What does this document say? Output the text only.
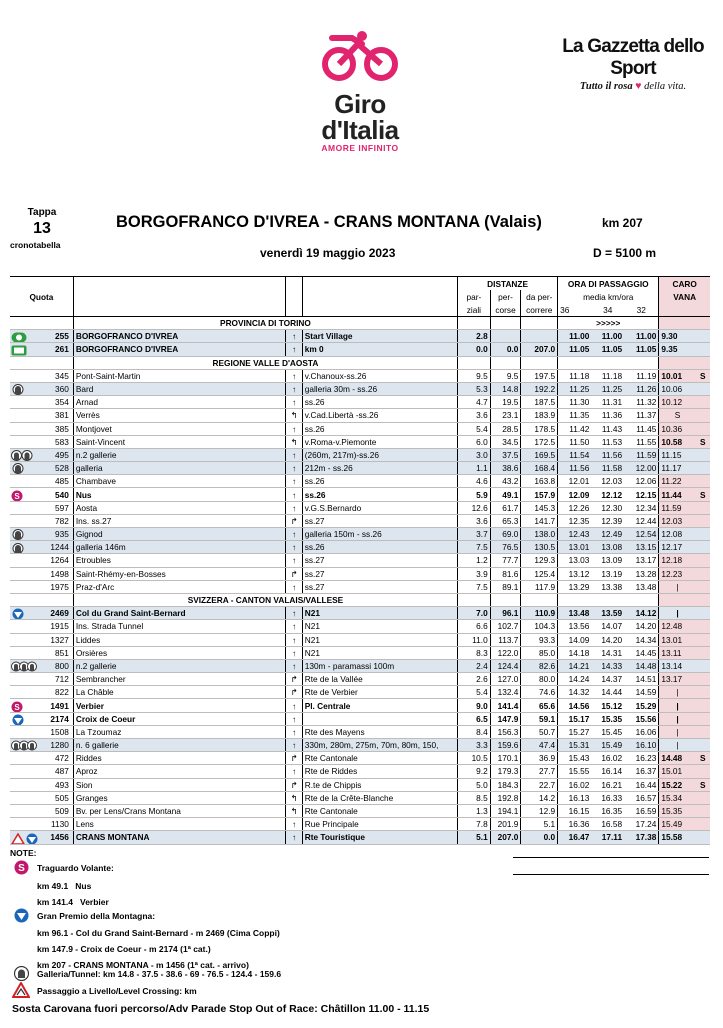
Giro d'Italia
AMORE INFINITO
La Gazzetta dello Sport
Tutto il rosa ♥ della vita.
Tappa
13
cronotabella
BORGOFRANCO D'IVREA - CRANS MONTANA (Valais)	km 207
venerdì 19 maggio 2023	D = 5100 m
				DISTANZE			ORA DI PASSAGGIO			CARO	
Quota				par-	per-	da per-	media km/ora			VANA	
				ziali	corse	correre	36	34	32		
	PROVINCIA DI TORINO						>>>>>				

255	BORGOFRANCO D'IVREA	↑	Start Village	2.8			11.00	11.00	11.00	9.30	

261	BORGOFRANCO D'IVREA	↑	km 0	0.0	0.0	207.0	11.05	11.05	11.05	9.35	
	REGIONE VALLE D'AOSTA										

345	Pont-Saint-Martin	↑	v.Chanoux-ss.26	9.5	9.5	197.5	11.18	11.18	11.19	10.01	S

360	Bard	↑	galleria 30m - ss.26	5.3	14.8	192.2	11.25	11.25	11.26	10.06	

354	Arnad	↑	ss.26	4.7	19.5	187.5	11.30	11.31	11.32	10.12	

381	Verrès	↰	v.Cad.Libertà -ss.26	3.6	23.1	183.9	11.35	11.36	11.37	S	

385	Montjovet	↑	ss.26	5.4	28.5	178.5	11.42	11.43	11.45	10.36	

583	Saint-Vincent	↰	v.Roma-v.Piemonte	6.0	34.5	172.5	11.50	11.53	11.55	10.58	S

495	n.2 gallerie	↑	(260m, 217m)-ss.26	3.0	37.5	169.5	11.54	11.56	11.59	11.15	

528	galleria	↑	212m - ss.26	1.1	38.6	168.4	11.56	11.58	12.00	11.17	

485	Chambave	↑	ss.26	4.6	43.2	163.8	12.01	12.03	12.06	11.22	

S 540	Nus	↑	ss.26	5.9	49.1	157.9	12.09	12.12	12.15	11.44	S

597	Aosta	↑	v.G.S.Bernardo	12.6	61.7	145.3	12.26	12.30	12.34	11.59	

782	Ins. ss.27	↱	ss.27	3.6	65.3	141.7	12.35	12.39	12.44	12.03	

935	Gignod	↑	galleria 150m - ss.26	3.7	69.0	138.0	12.43	12.49	12.54	12.08	

1244	galleria 146m	↑	ss.26	7.5	76.5	130.5	13.01	13.08	13.15	12.17	

1264	Etroubles	↑	ss.27	1.2	77.7	129.3	13.03	13.09	13.17	12.18	

1498	Saint-Rhémy-en-Bosses	↱	ss.27	3.9	81.6	125.4	13.12	13.19	13.28	12.23	

1975	Praz-d'Arc	↑	ss.27	7.5	89.1	117.9	13.29	13.38	13.48	|	
	SVIZZERA - CANTON VALAIS/VALLESE										

2469	Col du Grand Saint-Bernard	↑	N21	7.0	96.1	110.9	13.48	13.59	14.12	|	

1915	Ins. Strada Tunnel	↑	N21	6.6	102.7	104.3	13.56	14.07	14.20	12.48	

1327	Liddes	↑	N21	11.0	113.7	93.3	14.09	14.20	14.34	13.01	

851	Orsières	↑	N21	8.3	122.0	85.0	14.18	14.31	14.45	13.11	

800	n.2 gallerie	↑	130m - paramassi 100m	2.4	124.4	82.6	14.21	14.33	14.48	13.14	

712	Sembrancher	↱	Rte de la Vallée	2.6	127.0	80.0	14.24	14.37	14.51	13.17	

822	La Châble	↱	Rte de Verbier	5.4	132.4	74.6	14.32	14.44	14.59	|	

S 1491	Verbier	↑	Pl. Centrale	9.0	141.4	65.6	14.56	15.12	15.29	|	

2174	Croix de Coeur	↑		6.5	147.9	59.1	15.17	15.35	15.56	|	

1508	La Tzoumaz	↑	Rte des Mayens	8.4	156.3	50.7	15.27	15.45	16.06	|	

1280	n. 6 gallerie	↑	330m, 280m, 275m, 70m, 80m, 150,	3.3	159.6	47.4	15.31	15.49	16.10	|	

472	Riddes	↱	Rte Cantonale	10.5	170.1	36.9	15.43	16.02	16.23	14.48	S

487	Aproz	↑	Rte de Riddes	9.2	179.3	27.7	15.55	16.14	16.37	15.01	

493	Sion	↱	R.te de Chippis	5.0	184.3	22.7	16.02	16.21	16.44	15.22	S

505	Granges	↰	Rte de la Crête-Blanche	8.5	192.8	14.2	16.13	16.33	16.57	15.34	

509	Bv. per Lens/Crans Montana	↰	Rte Cantonale	1.3	194.1	12.9	16.15	16.35	16.59	15.35	

1130	Lens	↑	Rue Principale	7.8	201.9	5.1	16.36	16.58	17.24	15.49	

1456	CRANS MONTANA	↑	Rte Touristique	5.1	207.0	0.0	16.47	17.11	17.38	15.58	
NOTE:
S Traguardo Volante:
km 49.1   Nus
km 141.4   Verbier
Gran Premio della Montagna:
km 96.1 - Col du Grand Saint-Bernard - m 2469 (Cima Coppi)
km 147.9 - Croix de Coeur - m 2174 (1ª cat.)
km 207 - CRANS MONTANA - m 1456 (1ª cat. - arrivo)
Galleria/Tunnel: km 14.8 - 37.5 - 38.6 - 69 - 76.5 - 124.4 - 159.6
Passaggio a Livello/Level Crossing: km
Sosta Carovana fuori percorso/Adv Parade Stop Out of Race: Châtillon 11.00 - 11.15
